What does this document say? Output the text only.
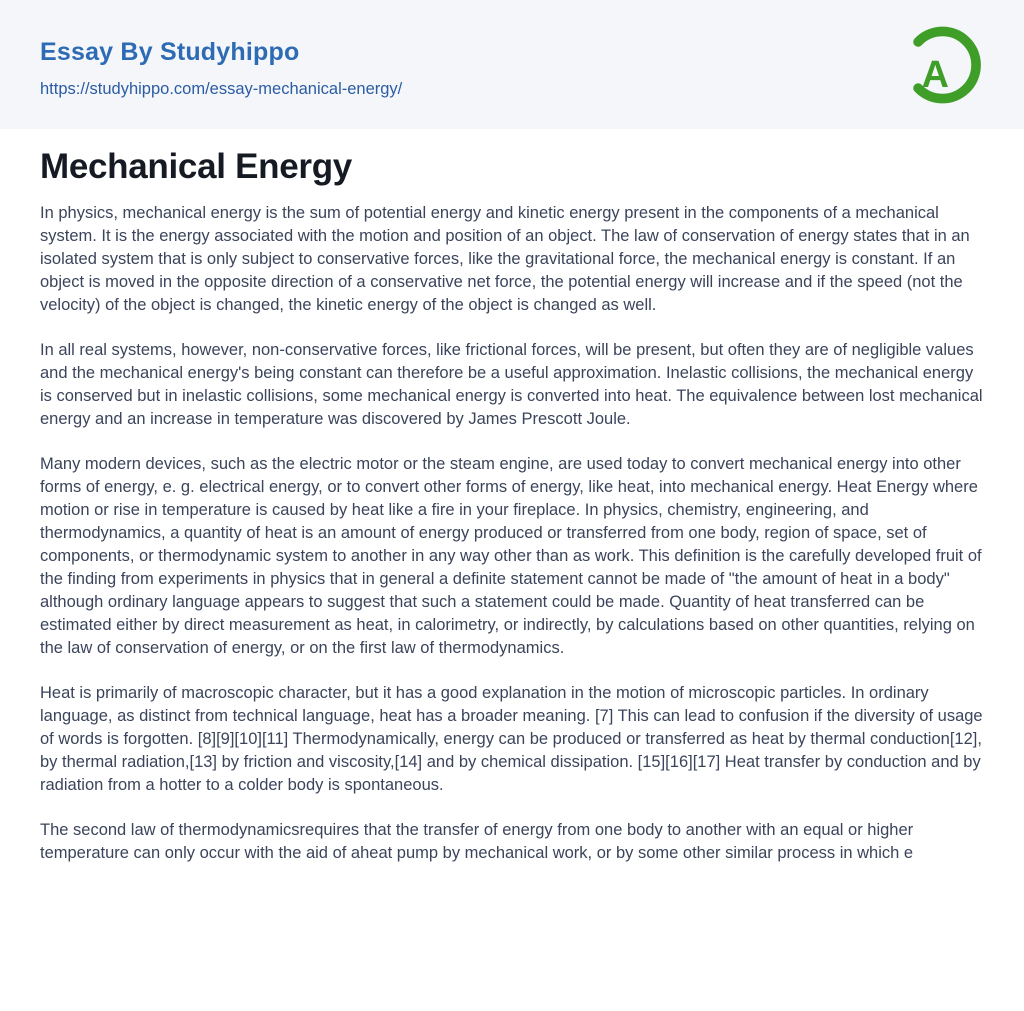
Essay By Studyhippo
https://studyhippo.com/essay-mechanical-energy/	A
Mechanical Energy

In physics, mechanical energy is the sum of potential energy and kinetic energy present in the components of a mechanical system. It is the energy associated with the motion and position of an object. The law of conservation of energy states that in an isolated system that is only subject to conservative forces, like the gravitational force, the mechanical energy is constant. If an object is moved in the opposite direction of a conservative net force, the potential energy will increase and if the speed (not the velocity) of the object is changed, the kinetic energy of the object is changed as well.

In all real systems, however, non-conservative forces, like frictional forces, will be present, but often they are of negligible values and the mechanical energy's being constant can therefore be a useful approximation. Inelastic collisions, the mechanical energy is conserved but in inelastic collisions, some mechanical energy is converted into heat. The equivalence between lost mechanical energy and an increase in temperature was discovered by James Prescott Joule.

Many modern devices, such as the electric motor or the steam engine, are used today to convert mechanical energy into other forms of energy, e. g. electrical energy, or to convert other forms of energy, like heat, into mechanical energy. Heat Energy where motion or rise in temperature is caused by heat like a fire in your fireplace. In physics, chemistry, engineering, and thermodynamics, a quantity of heat is an amount of energy produced or transferred from one body, region of space, set of components, or thermodynamic system to another in any way other than as work. This definition is the carefully developed fruit of the finding from experiments in physics that in general a definite statement cannot be made of "the amount of heat in a body" although ordinary language appears to suggest that such a statement could be made. Quantity of heat transferred can be estimated either by direct measurement as heat, in calorimetry, or indirectly, by calculations based on other quantities, relying on the law of conservation of energy, or on the first law of thermodynamics.

Heat is primarily of macroscopic character, but it has a good explanation in the motion of microscopic particles. In ordinary language, as distinct from technical language, heat has a broader meaning. [7] This can lead to confusion if the diversity of usage of words is forgotten. [8][9][10][11] Thermodynamically, energy can be produced or transferred as heat by thermal conduction[12], by thermal radiation,[13] by friction and viscosity,[14] and by chemical dissipation. [15][16][17] Heat transfer by conduction and by radiation from a hotter to a colder body is spontaneous.

The second law of thermodynamicsrequires that the transfer of energy from one body to another with an equal or higher temperature can only occur with the aid of aheat pump by mechanical work, or by some other similar process in which e
